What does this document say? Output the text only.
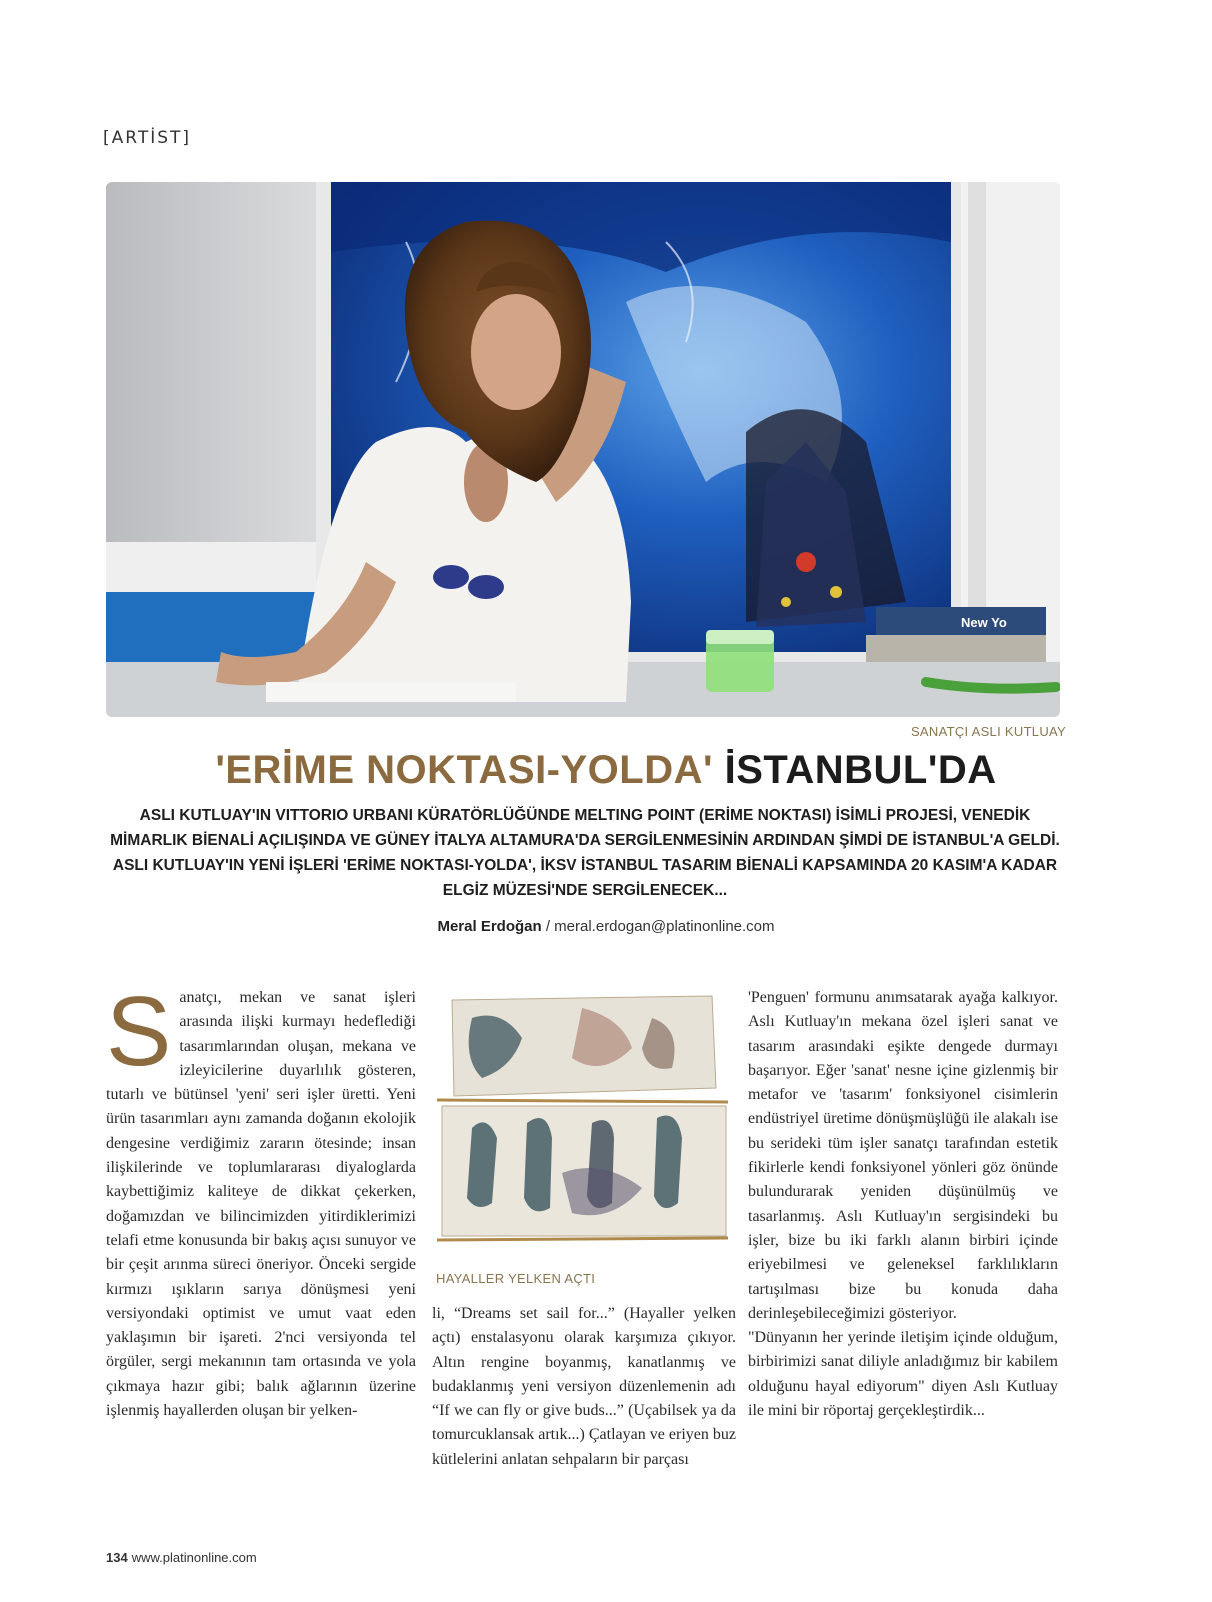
[ARTİST]
New Yo
SANATÇI ASLI KUTLUAY
'ERİME NOKTASI-YOLDA' İSTANBUL'DA
ASLI KUTLUAY'IN VITTORIO URBANI KÜRATÖRLÜĞÜNDE MELTING POINT (ERİME NOKTASI) İSİMLİ PROJESİ, VENEDİK MİMARLIK BİENALİ AÇILIŞINDA VE GÜNEY İTALYA ALTAMURA'DA SERGİLENMESİNİN ARDINDAN ŞİMDİ DE İSTANBUL'A GELDİ. ASLI KUTLUAY'IN YENİ İŞLERİ 'ERİME NOKTASI-YOLDA', İKSV İSTANBUL TASARIM BİENALİ KAPSAMINDA 20 KASIM'A KADAR ELGİZ MÜZESİ'NDE SERGİLENECEK...
Meral Erdoğan / meral.erdogan@platinonline.com
S anatçı, mekan ve sanat işleri arasında ilişki kurmayı hedeflediği tasarımlarından oluşan, mekana ve izleyicilerine duyarlılık gösteren, tutarlı ve bütünsel 'yeni' seri işler üretti. Yeni ürün tasarımları aynı zamanda doğanın ekolojik dengesine verdiğimiz zararın ötesinde; insan ilişkilerinde ve toplumlararası diyaloglarda kaybettiğimiz kaliteye de dikkat çekerken, doğamızdan ve bilincimizden yitirdiklerimizi telafi etme konusunda bir bakış açısı sunuyor ve bir çeşit arınma süreci öneriyor. Önceki sergide kırmızı ışıkların sarıya dönüşmesi yeni versiyondaki optimist ve umut vaat eden yaklaşımın bir işareti. 2'nci versiyonda tel örgüler, sergi mekanının tam ortasında ve yola çıkmaya hazır gibi; balık ağlarının üzerine işlenmiş hayallerden oluşan bir yelken-

HAYALLER YELKEN AÇTI

li, “Dreams set sail for...” (Hayaller yelken açtı) enstalasyonu olarak karşımıza çıkıyor. Altın rengine boyanmış, kanatlanmış ve budaklanmış yeni versiyon düzenlemenin adı “If we can fly or give buds...” (Uçabilsek ya da tomurcuklansak artık...) Çatlayan ve eriyen buz kütlelerini anlatan sehpaların bir parçası

'Penguen' formunu anımsatarak ayağa kalkıyor. Aslı Kutluay'ın mekana özel işleri sanat ve tasarım arasındaki eşikte dengede durmayı başarıyor. Eğer 'sanat' nesne içine gizlenmiş bir metafor ve 'tasarım' fonksiyonel cisimlerin endüstriyel üretime dönüşmüşlüğü ile alakalı ise bu serideki tüm işler sanatçı tarafından estetik fikirlerle kendi fonksiyonel yönleri göz önünde bulundurarak yeniden düşünülmüş ve tasarlanmış. Aslı Kutluay'ın sergisindeki bu işler, bize bu iki farklı alanın birbiri içinde eriyebilmesi ve geleneksel farklılıkların tartışılması bize bu konuda daha derinleşebileceğimizi gösteriyor.

"Dünyanın her yerinde iletişim içinde olduğum, birbirimizi sanat diliyle anladığımız bir kabilem olduğunu hayal ediyorum" diyen Aslı Kutluay ile mini bir röportaj gerçekleştirdik...

134 www.platinonline.com
